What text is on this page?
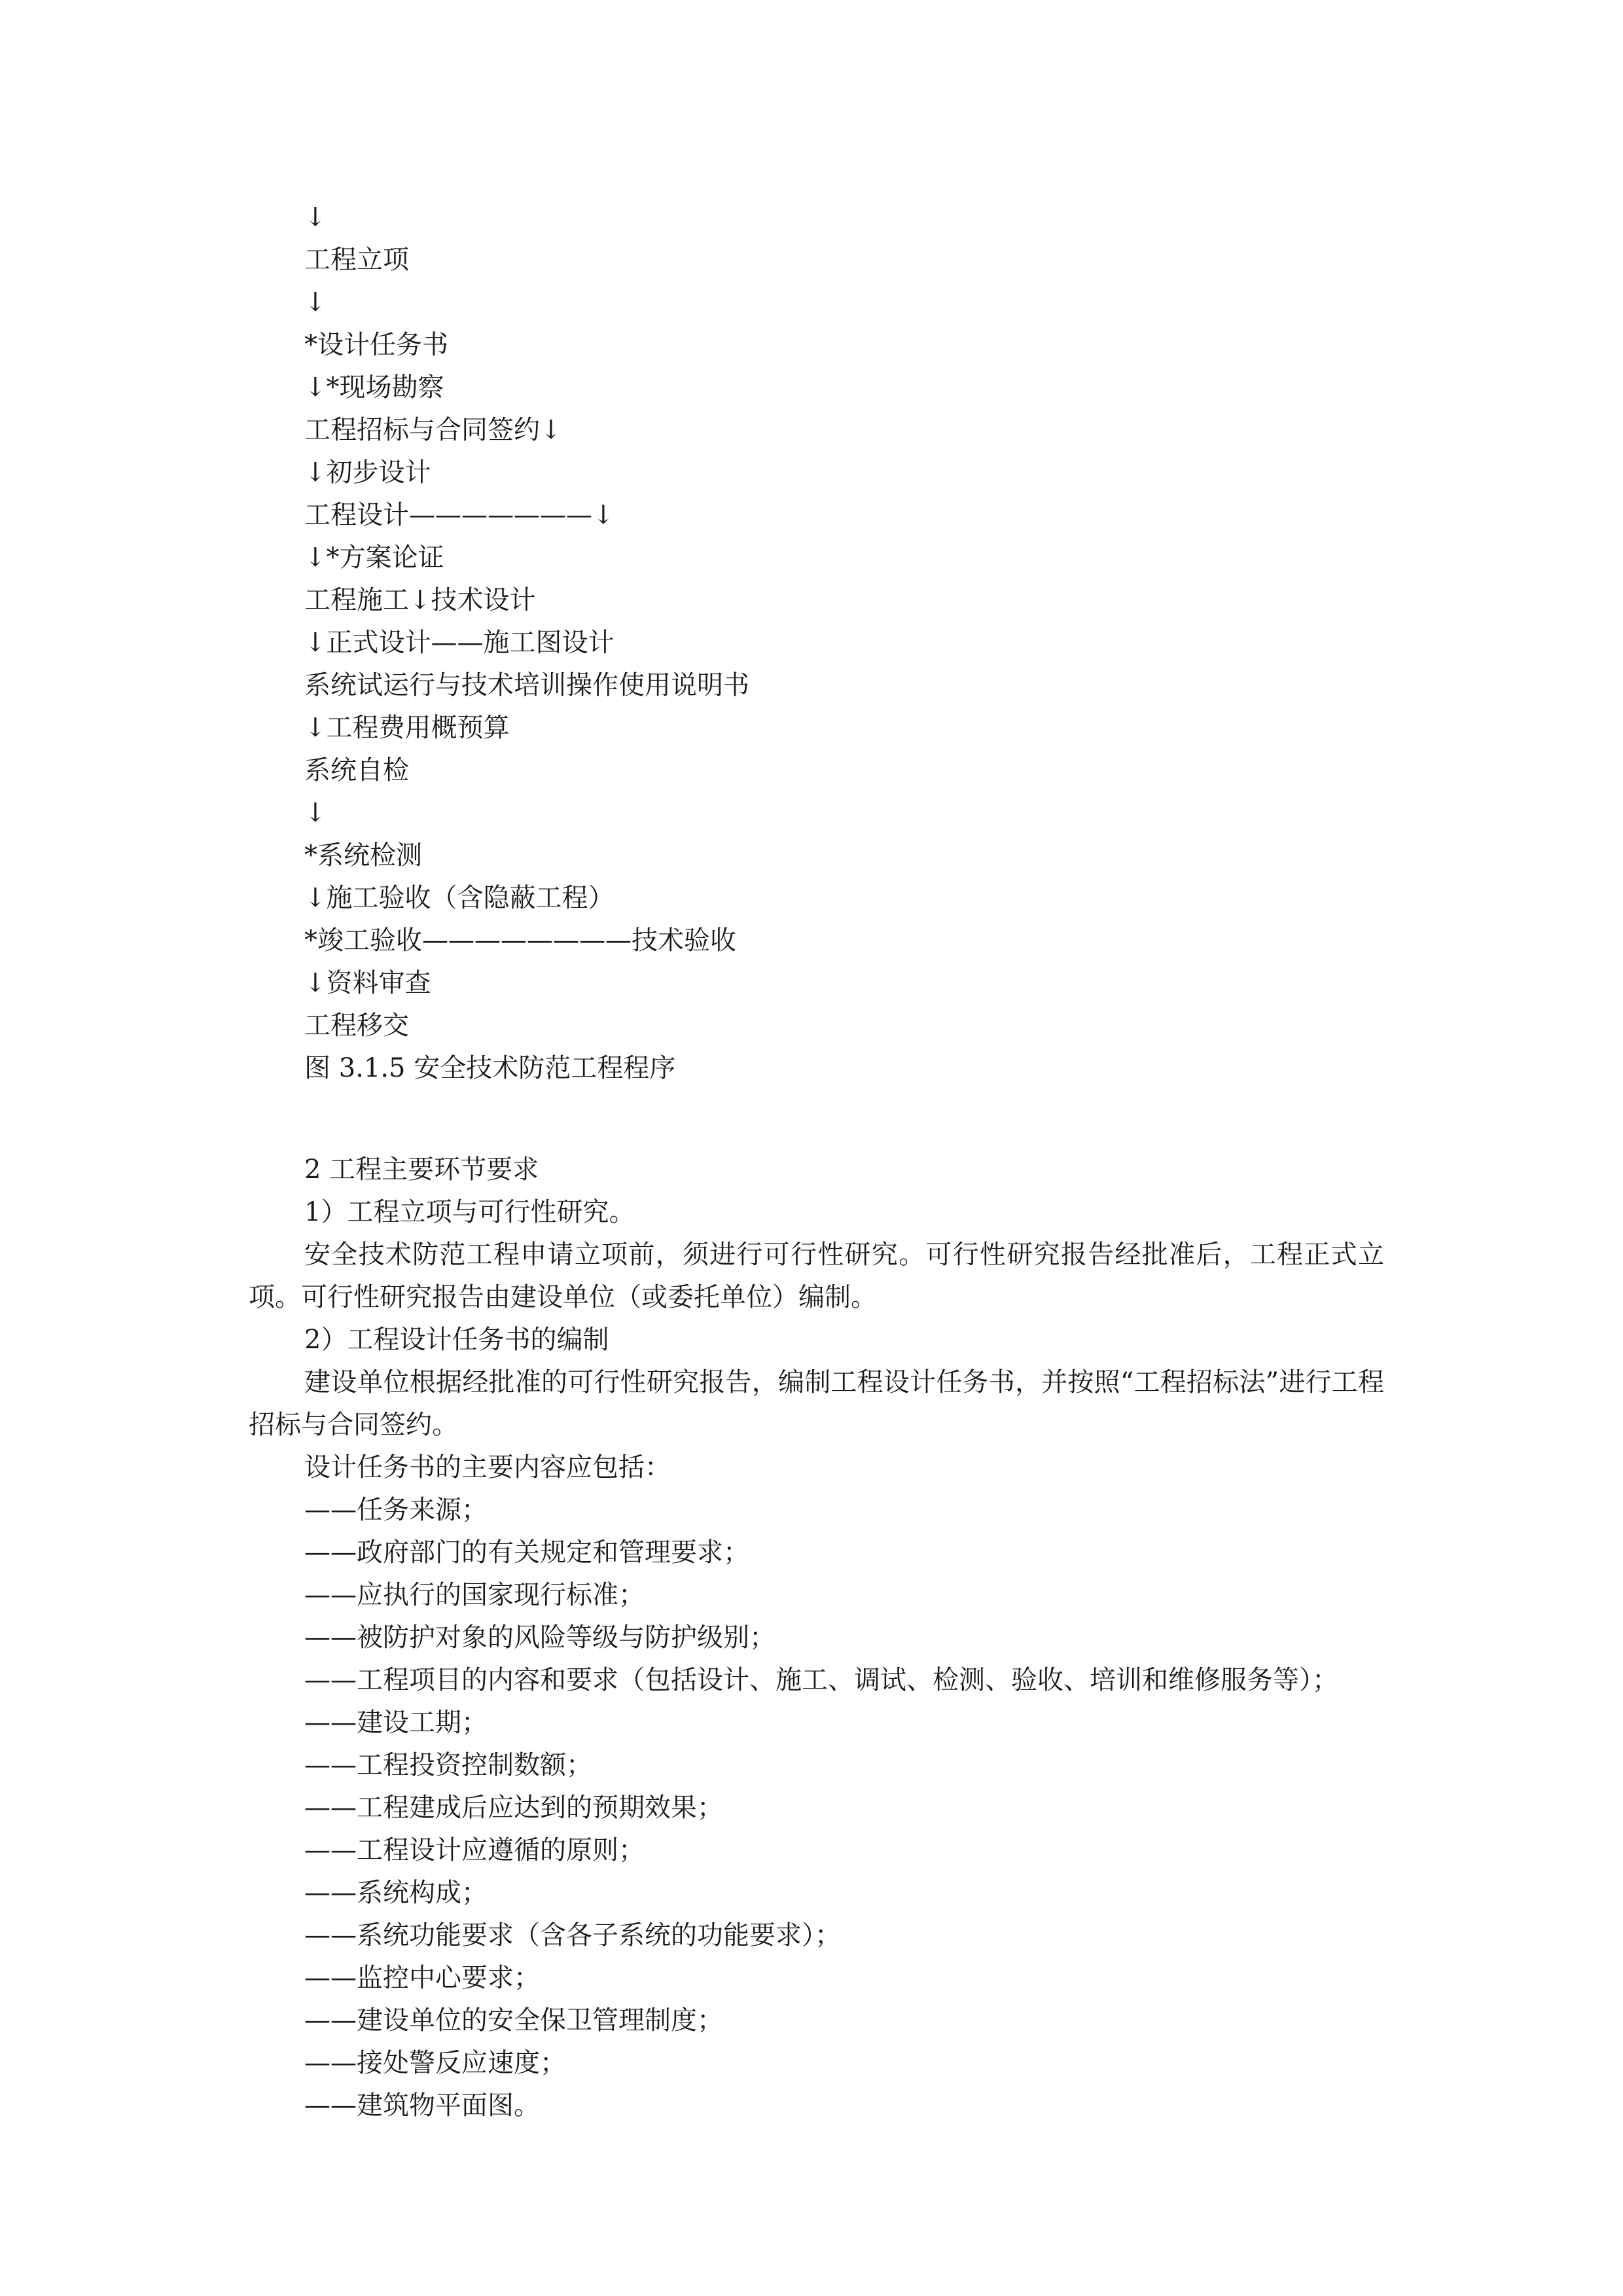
↓
工程立项
↓
*设计任务书
↓*现场勘察
工程招标与合同签约↓
↓初步设计
工程设计———————↓
↓*方案论证
工程施工↓技术设计
↓正式设计——施工图设计
系统试运行与技术培训操作使用说明书
↓工程费用概预算
系统自检
↓
*系统检测
↓施工验收（含隐蔽工程）
*竣工验收————————技术验收
↓资料审查
工程移交
图 3.1.5 安全技术防范工程程序
2 工程主要环节要求
1）工程立项与可行性研究。

安全技术防范工程申请立项前，须进行可行性研究。可行性研究报告经批准后，工程正式立项。可行性研究报告由建设单位（或委托单位）编制。

2）工程设计任务书的编制

建设单位根据经批准的可行性研究报告，编制工程设计任务书，并按照“工程招标法”进行工程招标与合同签约。

设计任务书的主要内容应包括：
——任务来源；
——政府部门的有关规定和管理要求；
——应执行的国家现行标准；
——被防护对象的风险等级与防护级别；
——工程项目的内容和要求（包括设计、施工、调试、检测、验收、培训和维修服务等）；
——建设工期；
——工程投资控制数额；
——工程建成后应达到的预期效果；
——工程设计应遵循的原则；
——系统构成；
——系统功能要求（含各子系统的功能要求）；
——监控中心要求；
——建设单位的安全保卫管理制度；
——接处警反应速度；
——建筑物平面图。
